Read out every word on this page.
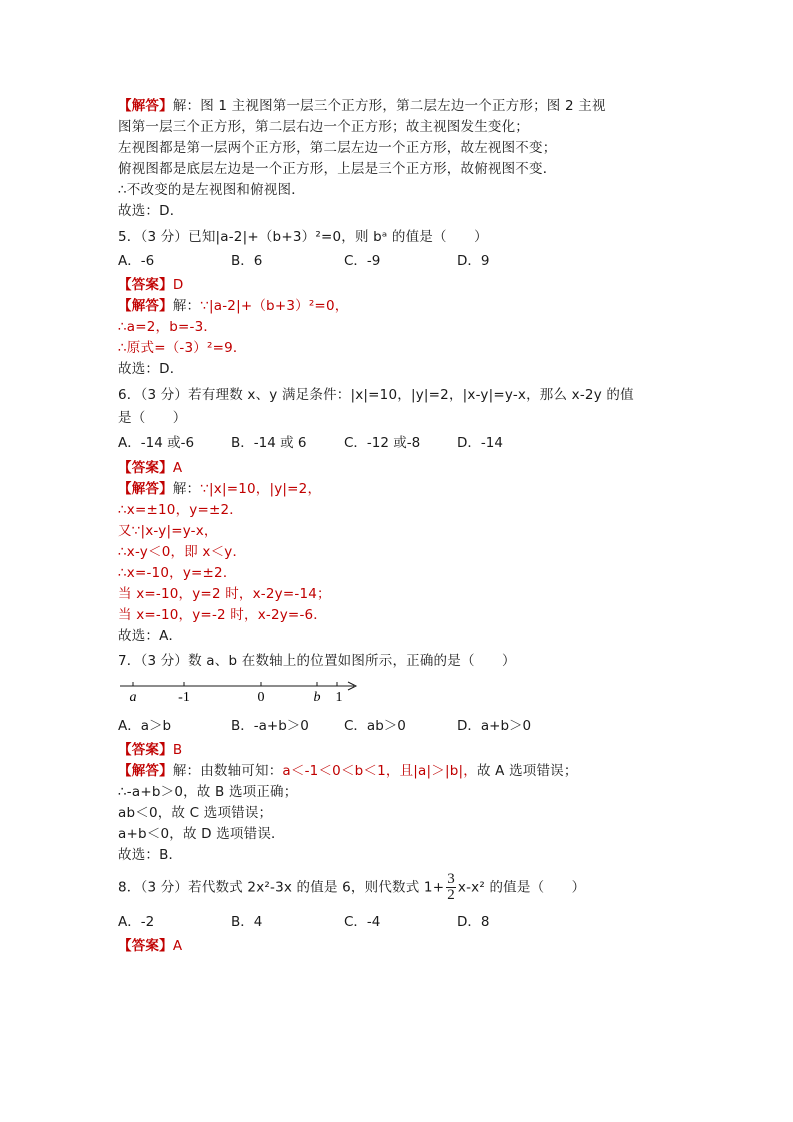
【解答】解：图 1 主视图第一层三个正方形，第二层左边一个正方形；图 2 主视
图第一层三个正方形，第二层右边一个正方形；故主视图发生变化；
左视图都是第一层两个正方形，第二层左边一个正方形，故左视图不变；
俯视图都是底层左边是一个正方形，上层是三个正方形，故俯视图不变．
∴不改变的是左视图和俯视图．
故选：D．
5．（3 分）已知|a-2|+（b+3）²=0，则 bᵃ 的值是（　　）
A．-6	B．6	C．-9	D．9
【答案】D
【解答】解：∵|a-2|+（b+3）²=0，
∴a=2，b=-3．
∴原式=（-3）²=9．
故选：D．
6．（3 分）若有理数 x、y 满足条件：|x|=10，|y|=2，|x-y|=y-x，那么 x-2y 的值
是（　　）
A．-14 或-6	B．-14 或 6	C．-12 或-8	D．-14
【答案】A
【解答】解：∵|x|=10，|y|=2，
∴x=±10，y=±2．
又∵|x-y|=y-x，
∴x-y＜0，即 x＜y．
∴x=-10，y=±2．
当 x=-10，y=2 时，x-2y=-14；
当 x=-10，y=-2 时，x-2y=-6．
故选：A．
7．（3 分）数 a、b 在数轴上的位置如图所示，正确的是（　　）
a	-1	0	b 1
A．a＞b	B．-a+b＞0	C．ab＞0	D．a+b＞0
【答案】B
【解答】解：由数轴可知：a＜-1＜0＜b＜1，且|a|＞|b|，故 A 选项错误；
∴-a+b＞0，故 B 选项正确；
ab＜0，故 C 选项错误；
a+b＜0，故 D 选项错误．
故选：B．
8．（3 分）若代数式 2x²-3x 的值是 6，则代数式 $1+ \frac{3}{2} x-x^2$ 的值是（　　）
A．-2	B．4	C．-4	D．8
【答案】A
